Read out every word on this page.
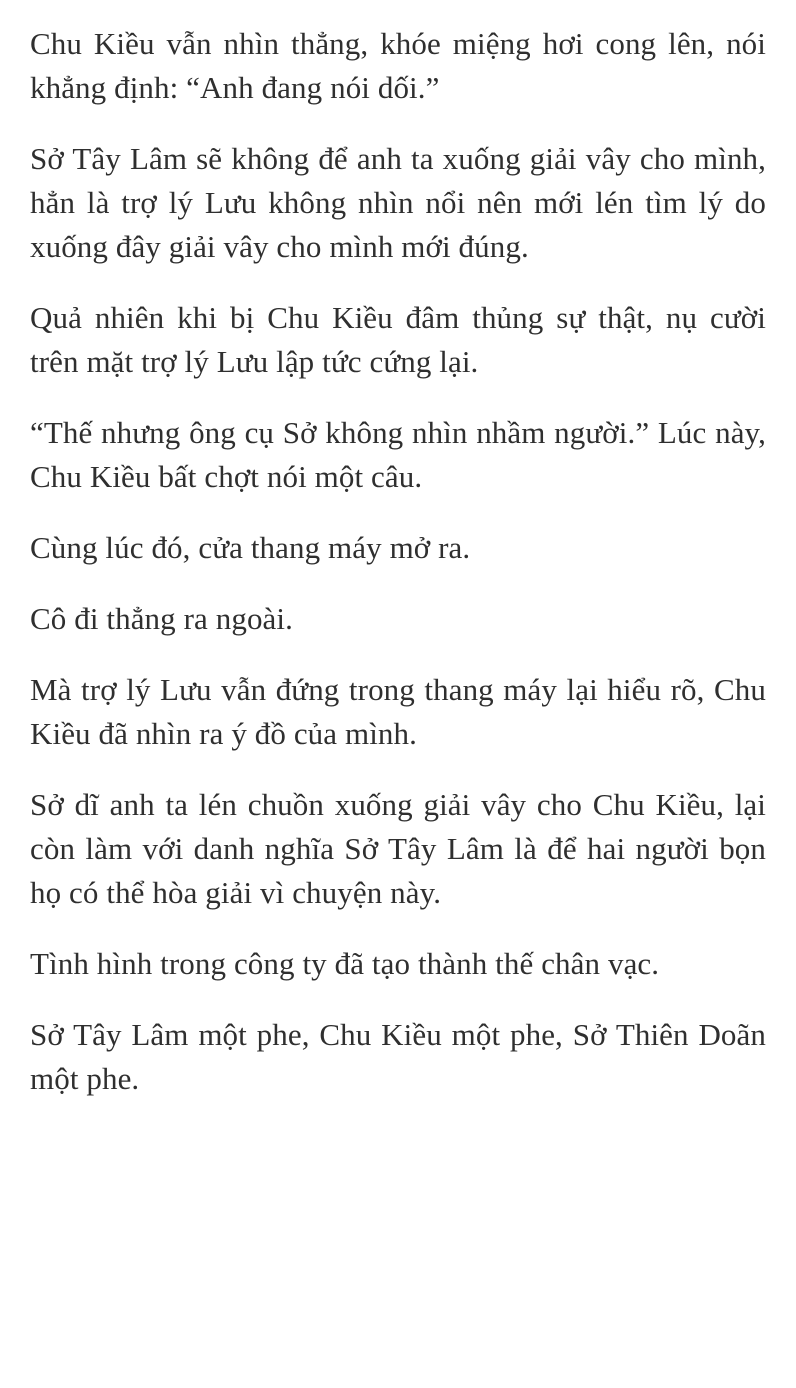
Chu Kiều vẫn nhìn thẳng, khóe miệng hơi cong lên, nói khẳng định: “Anh đang nói dối.”

Sở Tây Lâm sẽ không để anh ta xuống giải vây cho mình, hẳn là trợ lý Lưu không nhìn nổi nên mới lén tìm lý do xuống đây giải vây cho mình mới đúng.

Quả nhiên khi bị Chu Kiều đâm thủng sự thật, nụ cười trên mặt trợ lý Lưu lập tức cứng lại.

“Thế nhưng ông cụ Sở không nhìn nhầm người.” Lúc này, Chu Kiều bất chợt nói một câu.

Cùng lúc đó, cửa thang máy mở ra.

Cô đi thẳng ra ngoài.

Mà trợ lý Lưu vẫn đứng trong thang máy lại hiểu rõ, Chu Kiều đã nhìn ra ý đồ của mình.

Sở dĩ anh ta lén chuồn xuống giải vây cho Chu Kiều, lại còn làm với danh nghĩa Sở Tây Lâm là để hai người bọn họ có thể hòa giải vì chuyện này.

Tình hình trong công ty đã tạo thành thế chân vạc.

Sở Tây Lâm một phe, Chu Kiều một phe, Sở Thiên Doãn một phe.
